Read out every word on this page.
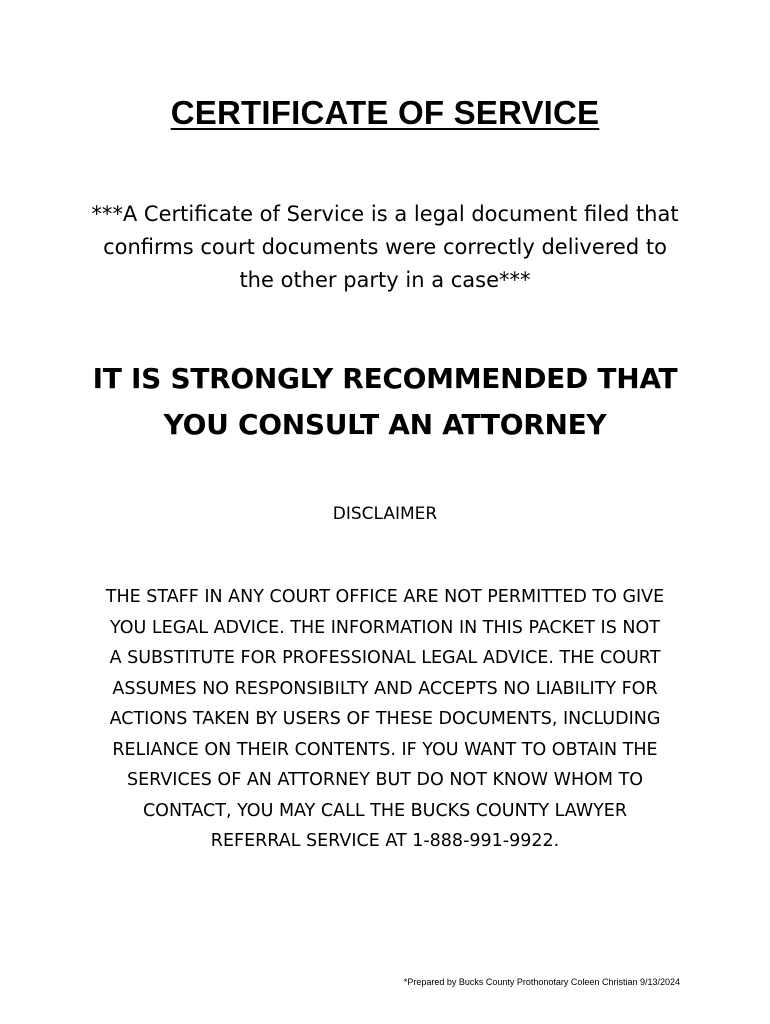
CERTIFICATE OF SERVICE
***A Certificate of Service is a legal document filed that
confirms court documents were correctly delivered to
the other party in a case***
IT IS STRONGLY RECOMMENDED THAT
YOU CONSULT AN ATTORNEY
DISCLAIMER
THE STAFF IN ANY COURT OFFICE ARE NOT PERMITTED TO GIVE
YOU LEGAL ADVICE. THE INFORMATION IN THIS PACKET IS NOT
A SUBSTITUTE FOR PROFESSIONAL LEGAL ADVICE. THE COURT
ASSUMES NO RESPONSIBILTY AND ACCEPTS NO LIABILITY FOR
ACTIONS TAKEN BY USERS OF THESE DOCUMENTS, INCLUDING
RELIANCE ON THEIR CONTENTS. IF YOU WANT TO OBTAIN THE
SERVICES OF AN ATTORNEY BUT DO NOT KNOW WHOM TO
CONTACT, YOU MAY CALL THE BUCKS COUNTY LAWYER
REFERRAL SERVICE AT 1-888-991-9922.
*Prepared by Bucks County Prothonotary Coleen Christian 9/13/2024
